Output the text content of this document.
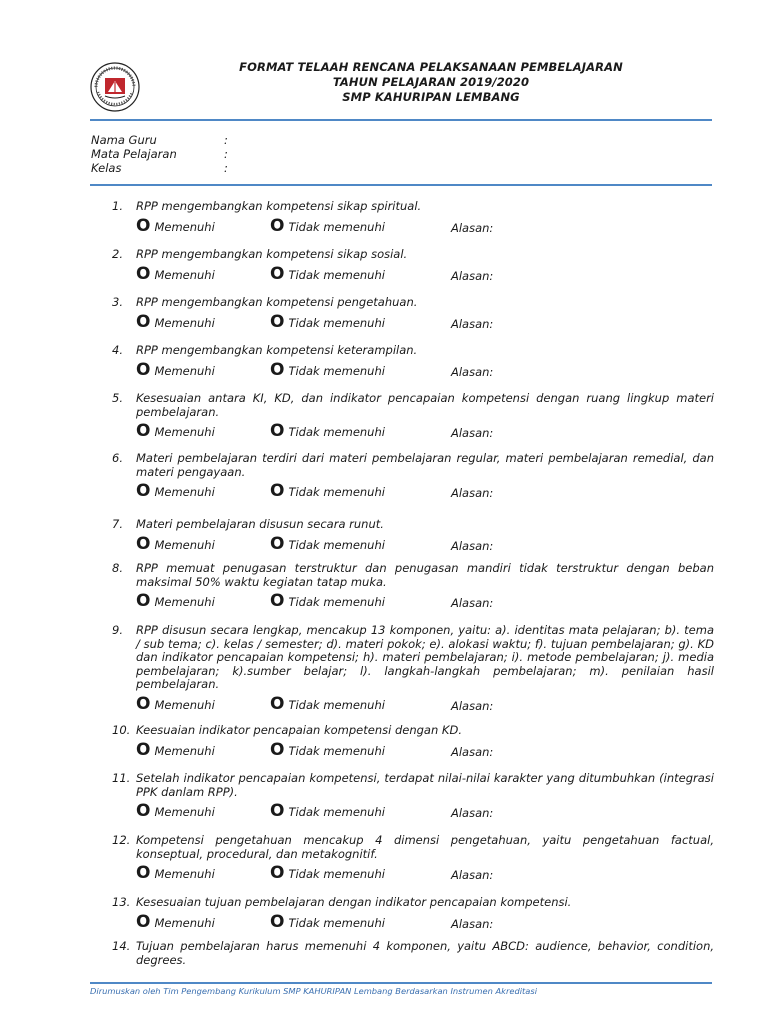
FORMAT TELAAH RENCANA PELAKSANAAN PEMBELAJARAN
TAHUN PELAJARAN 2019/2020
SMP KAHURIPAN LEMBANG
Nama Guru	:
Mata Pelajaran	:
Kelas	:
1.	RPP mengembangkan kompetensi sikap spiritual.
O Memenuhi	O Tidak memenuhi	Alasan:
2.	RPP mengembangkan kompetensi sikap sosial.
O Memenuhi	O Tidak memenuhi	Alasan:
3.	RPP mengembangkan kompetensi pengetahuan.
O Memenuhi	O Tidak memenuhi	Alasan:
4.	RPP mengembangkan kompetensi keterampilan.
O Memenuhi	O Tidak memenuhi	Alasan:
5.	Kesesuaian antara KI, KD, dan indikator pencapaian kompetensi dengan ruang lingkup materi pembelajaran.
O Memenuhi	O Tidak memenuhi	Alasan:
6.	Materi pembelajaran terdiri dari materi pembelajaran regular, materi pembelajaran remedial, dan materi pengayaan.
O Memenuhi	O Tidak memenuhi	Alasan:
7.	Materi pembelajaran disusun secara runut.
O Memenuhi	O Tidak memenuhi	Alasan:
8.	RPP memuat penugasan terstruktur dan penugasan mandiri tidak terstruktur dengan beban maksimal 50% waktu kegiatan tatap muka.
O Memenuhi	O Tidak memenuhi	Alasan:
9.	RPP disusun secara lengkap, mencakup 13 komponen, yaitu: a). identitas mata pelajaran; b). tema / sub tema; c). kelas / semester; d). materi pokok; e). alokasi waktu; f). tujuan pembelajaran; g). KD dan indikator pencapaian kompetensi; h). materi pembelajaran; i). metode pembelajaran; j). media pembelajaran; k).sumber belajar; l). langkah-langkah pembelajaran; m). penilaian hasil pembelajaran.
O Memenuhi	O Tidak memenuhi	Alasan:
10. Keesuaian indikator pencapaian kompetensi dengan KD.
O Memenuhi	O Tidak memenuhi	Alasan:
11. Setelah indikator pencapaian kompetensi, terdapat nilai-nilai karakter yang ditumbuhkan (integrasi PPK danlam RPP).
O Memenuhi	O Tidak memenuhi	Alasan:
12. Kompetensi pengetahuan mencakup 4 dimensi pengetahuan, yaitu pengetahuan factual, konseptual, procedural, dan metakognitif.
O Memenuhi	O Tidak memenuhi	Alasan:
13. Kesesuaian tujuan pembelajaran dengan indikator pencapaian kompetensi.
O Memenuhi	O Tidak memenuhi	Alasan:
14. Tujuan pembelajaran harus memenuhi 4 komponen, yaitu ABCD: audience, behavior, condition, degrees.
Dirumuskan oleh Tim Pengembang Kurikulum SMP KAHURIPAN Lembang Berdasarkan Instrumen Akreditasi
